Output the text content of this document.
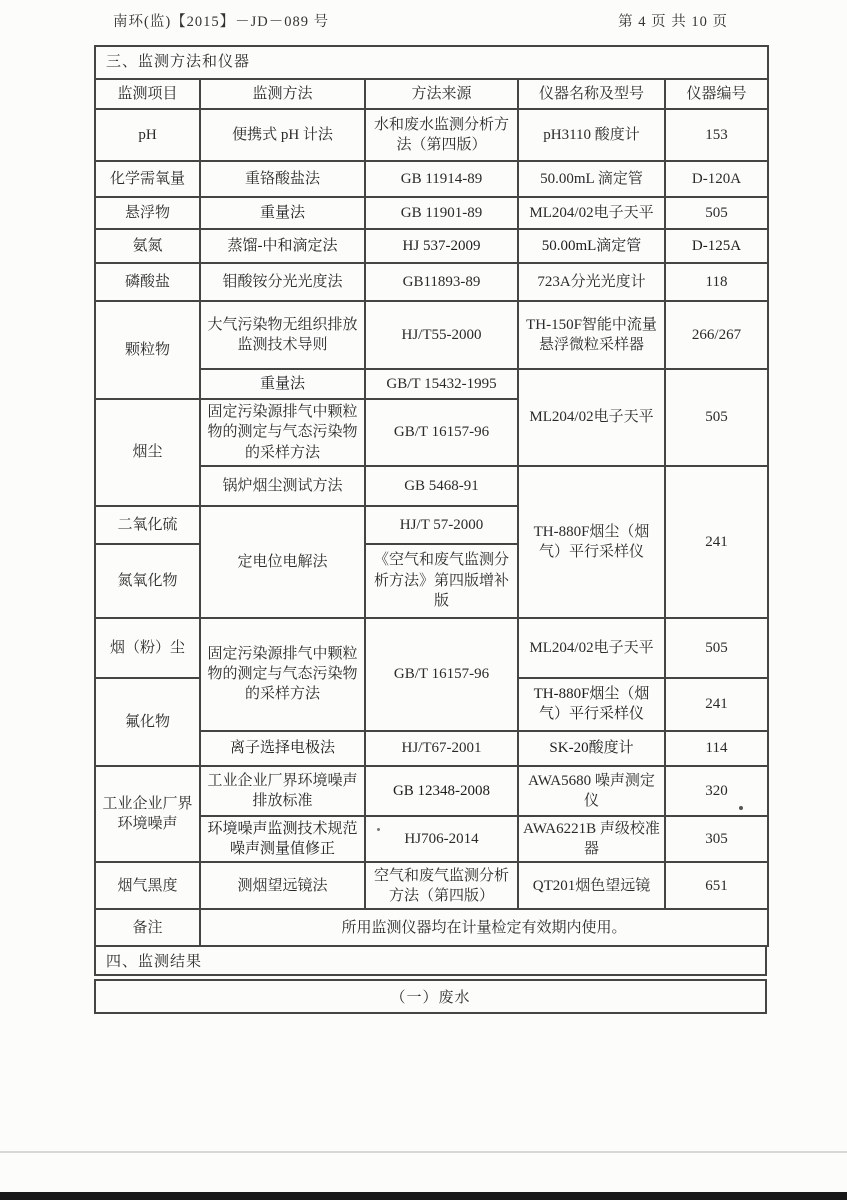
南环(监)【2015】－JD－089 号	第 4 页 共 10 页
三、监测方法和仪器				
监测项目	监测方法	方法来源	仪器名称及型号	仪器编号
pH	便携式 pH 计法	水和废水监测分析方法（第四版）	pH3110 酸度计	153
化学需氧量	重铬酸盐法	GB 11914-89	50.00mL 滴定管	D-120A
悬浮物	重量法	GB 11901-89	ML204/02电子天平	505
氨氮	蒸馏-中和滴定法	HJ 537-2009	50.00mL滴定管	D-125A
磷酸盐	钼酸铵分光光度法	GB11893-89	723A分光光度计	118
颗粒物	大气污染物无组织排放监测技术导则	HJ/T55-2000	TH-150F智能中流量悬浮微粒采样器	266/267
	重量法	GB/T 15432-1995	ML204/02电子天平	505
烟尘	固定污染源排气中颗粒物的测定与气态污染物的采样方法	GB/T 16157-96		
	锅炉烟尘测试方法	GB 5468-91	TH-880F烟尘（烟气）平行采样仪	241
二氧化硫	定电位电解法	HJ/T 57-2000		
氮氧化物		《空气和废气监测分析方法》第四版增补版		
烟（粉）尘	固定污染源排气中颗粒物的测定与气态污染物的采样方法	GB/T 16157-96	ML204/02电子天平	505
氟化物			TH-880F烟尘（烟气）平行采样仪	241
	离子选择电极法	HJ/T67-2001	SK-20酸度计	114
工业企业厂界环境噪声	工业企业厂界环境噪声排放标准	GB 12348-2008	AWA5680 噪声测定仪	320
	环境噪声监测技术规范噪声测量值修正	HJ706-2014	AWA6221B 声级校准器	305
烟气黑度	测烟望远镜法	空气和废气监测分析方法（第四版）	QT201烟色望远镜	651
备注	所用监测仪器均在计量检定有效期内使用。			
四、监测结果
（一）废水
